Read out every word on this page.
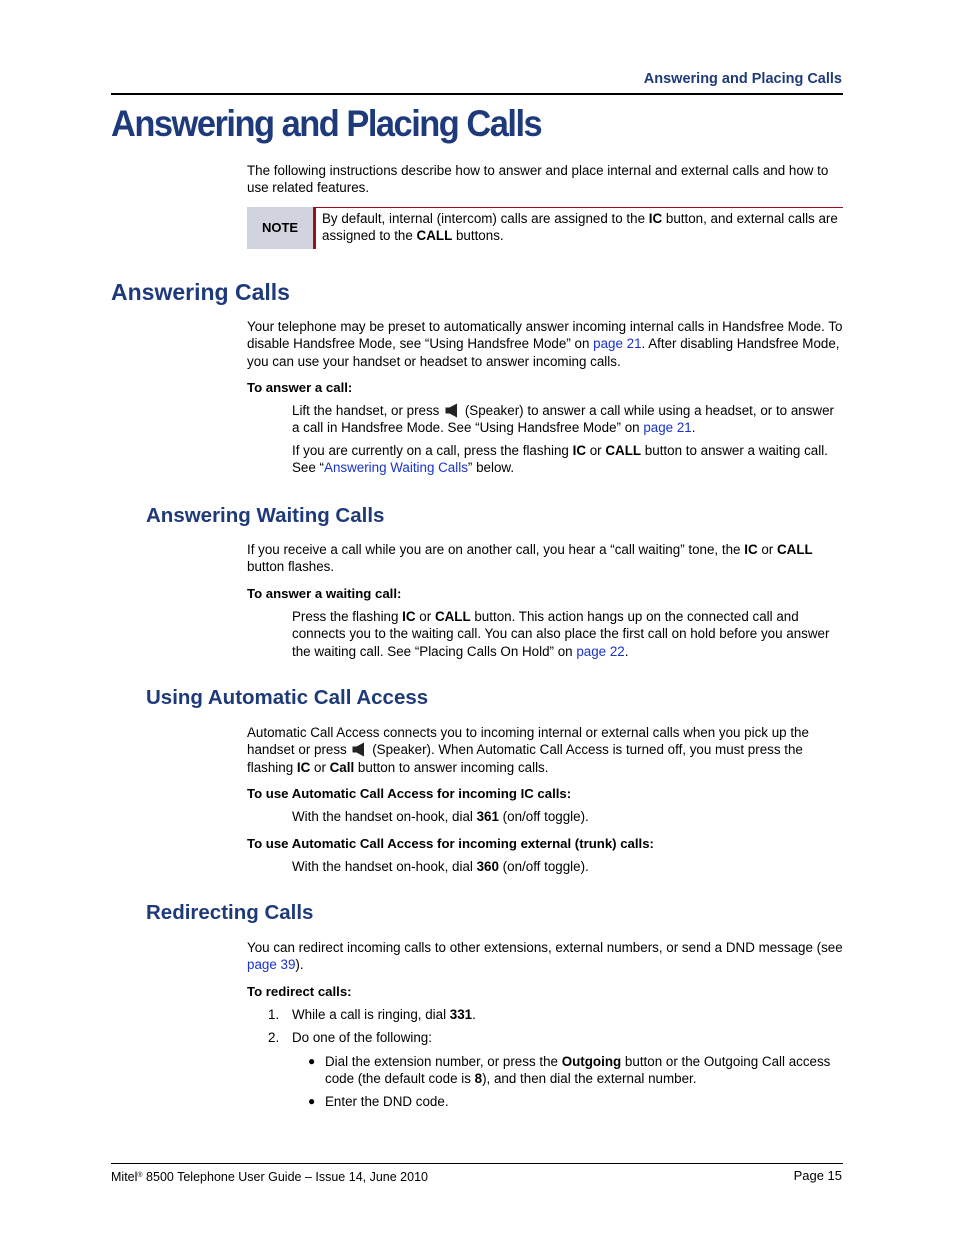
Answering and Placing Calls
Answering and Placing Calls
The following instructions describe how to answer and place internal and external calls and how to use related features.
NOTE
By default, internal (intercom) calls are assigned to the IC button, and external calls are assigned to the CALL buttons.
Answering Calls
Your telephone may be preset to automatically answer incoming internal calls in Handsfree Mode. To disable Handsfree Mode, see “Using Handsfree Mode” on page 21. After disabling Handsfree Mode, you can use your handset or headset to answer incoming calls.
To answer a call:
Lift the handset, or press  (Speaker) to answer a call while using a headset, or to answer a call in Handsfree Mode. See “Using Handsfree Mode” on page 21.
If you are currently on a call, press the flashing IC or CALL button to answer a waiting call. See “Answering Waiting Calls” below.
Answering Waiting Calls
If you receive a call while you are on another call, you hear a “call waiting” tone, the IC or CALL button flashes.
To answer a waiting call:
Press the flashing IC or CALL button. This action hangs up on the connected call and connects you to the waiting call. You can also place the first call on hold before you answer the waiting call. See “Placing Calls On Hold” on page 22.
Using Automatic Call Access
Automatic Call Access connects you to incoming internal or external calls when you pick up the handset or press  (Speaker). When Automatic Call Access is turned off, you must press the flashing IC or Call button to answer incoming calls.
To use Automatic Call Access for incoming IC calls:
With the handset on-hook, dial 361 (on/off toggle).
To use Automatic Call Access for incoming external (trunk) calls:
With the handset on-hook, dial 360 (on/off toggle).
Redirecting Calls
You can redirect incoming calls to other extensions, external numbers, or send a DND message (see page 39).
To redirect calls:
1. While a call is ringing, dial 331.
2. Do one of the following:
● Dial the extension number, or press the Outgoing button or the Outgoing Call access code (the default code is 8), and then dial the external number.
● Enter the DND code.
Mitel® 8500 Telephone User Guide – Issue 14, June 2010	Page 15
